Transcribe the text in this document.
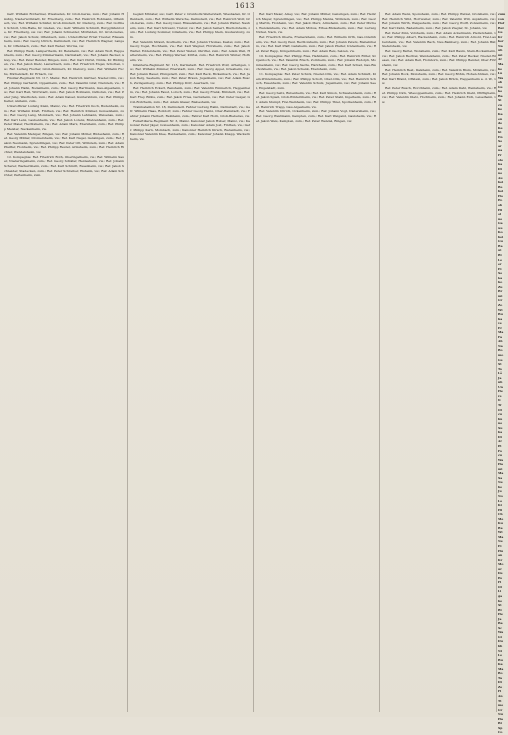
1613

Gefr. Wilhelm Rothermel, Wiesbaden, Kr. Groß-Gerau, zum.; Ref. Johann Häußig, Niederwöllstadt, Kr. Friedberg, zum.; Ref. Heinrich Roßmann, Offenbach, vw.; Ref. Wilhelm Schäfer, Groß-Umstadt, Kr. Dieburg, zum.; Ref. Gottlieb Schlott, Ulm-Halle, Kr. Gießen, vw.; Gefr. Wilhelm Schmidt, Burggräfenrode, Kr. Friedberg, sw. vw.; Ref. Johann Schneider, Mörfelden, Kr. Groß-Gerau, vw.; Ref. Jakob Schulz, Offenbach, zum.; Unteroffizier Ernst Treuter, Rüsselsheim, zum.; Ref. Georg Ullrich, Darmstadt, vw.; Ref. Heinrich Wagner, Langen, Kr. Offenbach, zum.; Ref. Karl Weber, Worms, vw.

Ref. Philipp Weiß, Lampertheim, Kr. Bensheim, vw.; Ref. Adam Wolf, Heppenheim, zum.; Ref. Georg Zimmermann, Darmstadt, vw.; Ref. Johann Becker, Alzey, vw.; Ref. Peter Bender, Bingen, zum.; Ref. Karl Christ, Nidda, Kr. Büdingen, vw.; Ref. Jakob Dietz, Lauterbach, zum.; Ref. Friedrich Engel, Schotten, vw.; Ref. Ludwig Fischer, Groß-Zimmern, Kr. Dieburg, zum.; Ref. Wilhelm Fuchs, Michelstadt, Kr. Erbach, vw.

Füsilier-Regiment Nr. 117, Mainz. Ref. Heinrich Gärtner, Nieder-Olm, vw.; Ref. Philipp Gerhardt, Oppenheim, zum.; Ref. Valentin Graf, Nierstein, vw.; Ref. Johann Hahn, Bodenheim, zum.; Ref. Georg Hartmann, Gau-Algesheim, vw.; Ref. Karl Heß, Wörrstadt, zum.; Ref. Jakob Hofmann, Osthofen, vw.; Ref. Peter Jung, Westhofen, zum.; Ref. Adam Kaiser, Guntersblum, vw.; Ref. Philipp Keller, Alsheim, zum.

Unteroffizier Ludwig Klein, Mainz, vw.; Ref. Friedrich Koch, Budenheim, zum.; Ref. Wilhelm Kraft, Finthen, vw.; Ref. Heinrich Krämer, Gonsenheim, zum.; Ref. Georg Lang, Mombach, vw.; Ref. Johann Lehmann, Weisenau, zum.; Ref. Karl Lenz, Laubenheim, vw.; Ref. Jakob Lorenz, Bretzenheim, zum.; Ref. Peter Maier, Hechtsheim, vw.; Ref. Adam Marx, Ebersheim, zum.; Ref. Philipp Meister, Nackenheim, vw.

Ref. Valentin Metzger, Bingen, vw.; Ref. Johann Möller, Büdesheim, zum.; Ref. Georg Müller, Dromersheim, vw.; Ref. Karl Nagel, Gensingen, zum.; Ref. Jakob Neumann, Sprendlingen, vw.; Ref. Peter Ott, Wöllstein, zum.; Ref. Adam Pfeiffer, Flonheim, vw.; Ref. Philipp Reuter, Armsheim, zum.; Ref. Heinrich Richter, Wendelsheim, vw.

12. Kompagnie: Ref. Friedrich Roth, Oberingelheim, vw.; Ref. Wilhelm Sauer, Niederingelheim, zum.; Ref. Georg Schäfer, Heidesheim, vw.; Ref. Johann Scherer, Wackernheim, zum.; Ref. Karl Schmitt, Essenheim, vw.; Ref. Jakob Schneider, Stadecken, zum.; Ref. Peter Schreiber, Elsheim, vw.; Ref. Adam Schröder, Partenheim, zum.

begleit Münster, sw.; Gefr. Peter v. Grunholtz-Weiterstadt, Wiesbaden, Kr. Offenbach, zum.; Ref. Wilhelm Wersche, Darmstadt, vw.; Ref. Heinrich Wolf, Groß-Gerau, zum.; Ref. Georg Gaul, Rüsselsheim, vw.; Ref. Johann Walter, Nauheim, zum.; Ref. Karl Schwarz, Trebur, vw.; Ref. Jakob Seibert, Bischofsheim, zum.; Ref. Ludwig Sommer, Ginsheim, vw.; Ref. Philipp Stein, Gustavsburg, zum.

Ref. Valentin Strauß, Kostheim, vw.; Ref. Johann Thomas, Kastel, zum.; Ref. Georg Vogel, Hochheim, vw.; Ref. Karl Wagner, Flörsheim, zum.; Ref. Jakob Walter, Eddersheim, vw.; Ref. Peter Weber, Okriftel, zum.; Ref. Adam Weil, Hattersheim, vw.; Ref. Philipp Werner, Kriftel, zum.; Ref. Heinrich Winter, Hofheim, vw.

Infanterie-Regiment Nr. 115, Darmstadt. Ref. Friedrich Wolf, Arheilgen, vw.; Ref. Wilhelm Zimmer, Eberstadt, zum.; Ref. Georg Appel, Griesheim, vw.; Ref. Johann Bauer, Pfungstadt, zum.; Ref. Karl Beck, Bickenbach, vw.; Ref. Jakob Berg, Seeheim, zum.; Ref. Peter Braun, Jugenheim, vw.; Ref. Adam Busch, Zwingenberg, zum.; Ref. Philipp Dörr, Auerbach, vw.

Ref. Heinrich Eckert, Bensheim, zum.; Ref. Valentin Emmerich, Heppenheim, vw.; Ref. Johann Faust, Lorsch, zum.; Ref. Georg Frank, Bürstadt, vw.; Ref. Karl Frey, Biblis, zum.; Ref. Jakob Fries, Gernsheim, vw.; Ref. Peter Geiger, Groß-Rohrheim, zum.; Ref. Adam Glaser, Biebesheim, vw.

Trainbataillon Nr. 18, Darmstadt. Fahrer Ludwig Hahn, Darmstadt, vw.; Gefr. Wilhelm Haas, Roßdorf, zum.; Fahrer Georg Heinz, Ober-Ramstadt, vw.; Fahrer Johann Herbert, Reinheim, zum.; Fahrer Karl Horn, Groß-Bieberau, vw.

Fußartillerie-Regiment Nr. 3, Mainz. Kanonier Jakob Huber, Mainz, vw.; Kanonier Peter Jäger, Gonsenheim, zum.; Kanonier Adam Jost, Finthen, vw.; Gefr. Philipp Kern, Mombach, zum.; Kanonier Heinrich Kirsch, Budenheim, vw.; Kanonier Valentin Klee, Heidesheim, zum.; Kanonier Johann Knapp, Wackernheim, vw.

Ref. Karl Meier, Alzey, vw.; Ref. Johann Müller, Gensingen, zum.; Ref. Heinrich Mayer, Sprendlingen, vw.; Ref. Philipp Manns, Wöllstein, zum.; Ref. Georg Martin, Flonheim, vw.; Ref. Jakob Merz, Armsheim, zum.; Ref. Peter Michel, Wendelsheim, vw.; Ref. Adam Möbus, Erbes-Büdesheim, zum.; Ref. Ludwig Nickel, Nack, vw.

Ref. Friedrich Oberle, Framersheim, zum.; Ref. Wilhelm Orth, Gau-Odernheim, vw.; Ref. Georg Paul, Bechtolsheim, zum.; Ref. Johann Peters, Biebelnheim, vw.; Ref. Karl Pfaff, Gabsheim, zum.; Ref. Jakob Pfeifer, Undenheim, vw.; Ref. Peter Rapp, Köngernheim, zum.; Ref. Adam Reis, Selzen, vw.

10. Kompagnie: Ref. Philipp Ries, Hahnheim, zum.; Ref. Heinrich Ritter, Sörgenloch, vw.; Ref. Valentin Rösch, Zornheim, zum.; Ref. Johann Rudolph, Mommenheim, vw.; Ref. Georg Sachs, Harxheim, zum.; Ref. Karl Schad, Gau-Bischofsheim, vw.; Ref. Jakob Schenk, Ebersheim, zum.

11. Kompagnie: Ref. Peter Schick, Nieder-Olm, vw.; Ref. Adam Schmidt, Klein-Winternheim, zum.; Ref. Philipp Schott, Ober-Olm, vw.; Ref. Heinrich Schuch, Essenheim, zum.; Ref. Valentin Schulz, Jugenheim, vw.; Ref. Johann Seel, Engelstadt, zum.

Ref. Georg Seitz, Bubenheim, vw.; Ref. Karl Simon, Schwabenheim, zum.; Ref. Jakob Spieß, Groß-Winternheim, vw.; Ref. Peter Stahl, Ingelheim, zum.; Ref. Adam Stumpf, Frei-Weinheim, vw.; Ref. Philipp Thiel, Sporkenheim, zum.; Ref. Heinrich Trapp, Gau-Algesheim, vw.

Ref. Valentin Ullrich, Ockenheim, zum.; Ref. Johann Vogt, Dietersheim, vw.; Ref. Georg Weidmann, Kempten, zum.; Ref. Karl Weigand, Gaulsheim, vw.; Ref. Jakob Weis, Kempten, zum.; Ref. Peter Wendel, Bingen, vw.

Ref. Adam Wenz, Sponsheim, zum.; Ref. Philipp Wetzel, Grolsheim, vw.; Ref. Heinrich Wild, Horrweiler, zum.; Ref. Valentin Will, Aspisheim, vw.; Ref. Johann Wirth, Welgesheim, zum.; Ref. Georg Wolff, Zotzenheim, vw.; Ref. Karl Zahn, Badenheim, zum.; Ref. Jakob Ziegler, St. Johann, vw.

Ref. Peter Zinn, Volxheim, zum.; Ref. Adam Ackermann, Pleitersheim, vw.; Ref. Philipp Albert, Hackenheim, zum.; Ref. Heinrich Arnold, Frei-Laubersheim, vw.; Ref. Valentin Bach, Neu-Bamberg, zum.; Ref. Johann Bär, Siefersheim, vw.

Ref. Georg Bartel, Wonsheim, zum.; Ref. Karl Baum, Stein-Bockenheim, vw.; Ref. Jakob Bechtel, Wendelsheim, zum.; Ref. Peter Becker, Nieder-Wiesen, vw.; Ref. Adam Beil, Flomborn, zum.; Ref. Philipp Bender, Ober-Flörsheim, vw.

Ref. Heinrich Best, Dalsheim, zum.; Ref. Valentin Blum, Mölsheim, vw.; Ref. Johann Bock, Monsheim, zum.; Ref. Georg Böhm, Hohen-Sülzen, vw.; Ref. Karl Brand, Offstein, zum.; Ref. Jakob Brück, Heppenheim a. d. W., vw.

Ref. Peter Busch, Horchheim, zum.; Ref. Adam Dahl, Weinsheim, vw.; Ref. Philipp Dick, Wiesoppenheim, zum.; Ref. Heinrich Diehl, Pfiffligheim, vw.; Ref. Valentin Dietz, Hochheim, zum.; Ref. Johann Eich, Leiselheim, vw.

zum
von
Hof
Bei
Ge
Kr
ber
Na
ub
mi
Ar
Ma
be
Lu
Wa
ob
Ge
he
Ba
Si
zu
be
Ka
en
de
Ke
hi
En
Se
ar
na
Fr
ste
ha
Di
ne
Au
bei
Re
bei
Ho
Po
ob
Hi
ol
ne
Ga
we
Ko
bei
Gu
Ra
ui
Ri
Le
er
Ei
Se
ka
ho
Zu
Br
mi
Gr
Zo
Wi
Bu
ha
ve
Er
Ma
Fa
Ab
Na
Ro
mo
Ge
St
To
Lö
Ja
nb
Un
He
re
ti
Tr
Ol
zu
bu
ne
Su
ba
Di
Ar
Pi
Fo
zu
Wa
Ha
mi
Ma
Sa
Ne
be
Ju
No
Lo
Ki
Hi
Ch
Me
Ku
Ra
Wi
Ma
Ne
Ei
Hu
an
Kr
Mo
ur
De
Pe
Fi
Ol
Li
ga
be
St
Ri
He
Ja
Ba
Sc
Wa
Gi
Du
bb
Ni
Le
Bu
Ka
Ma
Ro
Ta
Di
Ze
Fi
An
Ti
me
Gr
Nu
Ha
Bi
Sp
Co
